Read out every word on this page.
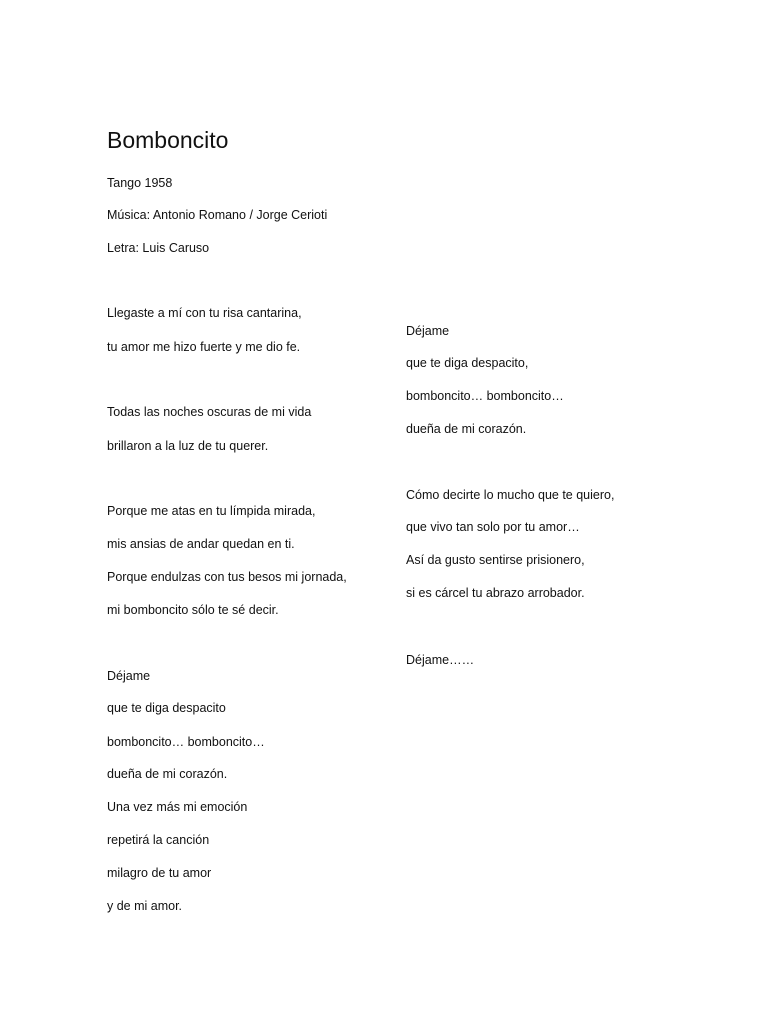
Bomboncito

Tango 1958

Música: Antonio Romano / Jorge Cerioti

Letra: Luis Caruso

Llegaste a mí con tu risa cantarina,

tu amor me hizo fuerte y me dio fe.

Todas las noches oscuras de mi vida

brillaron a la luz de tu querer.

Porque me atas en tu límpida mirada,

mis ansias de andar quedan en ti.

Porque endulzas con tus besos mi jornada,

mi bomboncito sólo te sé decir.

Déjame

que te diga despacito

bomboncito… bomboncito…

dueña de mi corazón.

Una vez más mi emoción

repetirá la canción

milagro de tu amor

y de mi amor.

Déjame

que te diga despacito,

bomboncito… bomboncito…

dueña de mi corazón.

Cómo decirte lo mucho que te quiero,

que vivo tan solo por tu amor…

Así da gusto sentirse prisionero,

si es cárcel tu abrazo arrobador.

Déjame……
